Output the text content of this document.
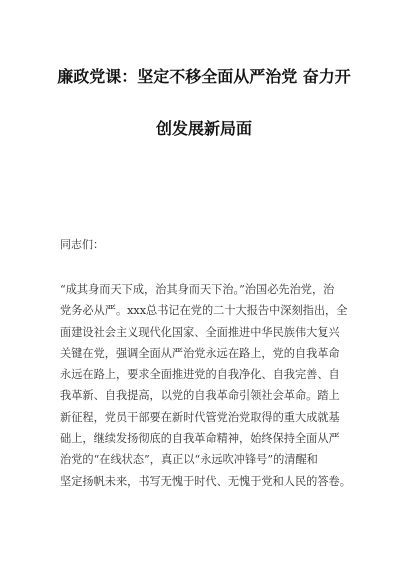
廉政党课：坚定不移全面从严治党 奋力开
创发展新局面
同志们：
“成其身而天下成，治其身而天下治。”治国必先治党，治
党务必从严。xxx总书记在党的二十大报告中深刻指出，全
面建设社会主义现代化国家、全面推进中华民族伟大复兴
关键在党，强调全面从严治党永远在路上，党的自我革命
永远在路上，要求全面推进党的自我净化、自我完善、自
我革新、自我提高，以党的自我革命引领社会革命。踏上
新征程，党员干部要在新时代管党治党取得的重大成就基
础上，继续发扬彻底的自我革命精神，始终保持全面从严
治党的“在线状态”，真正以“永远吹冲锋号”的清醒和
坚定扬帆未来，书写无愧于时代、无愧于党和人民的答卷。
